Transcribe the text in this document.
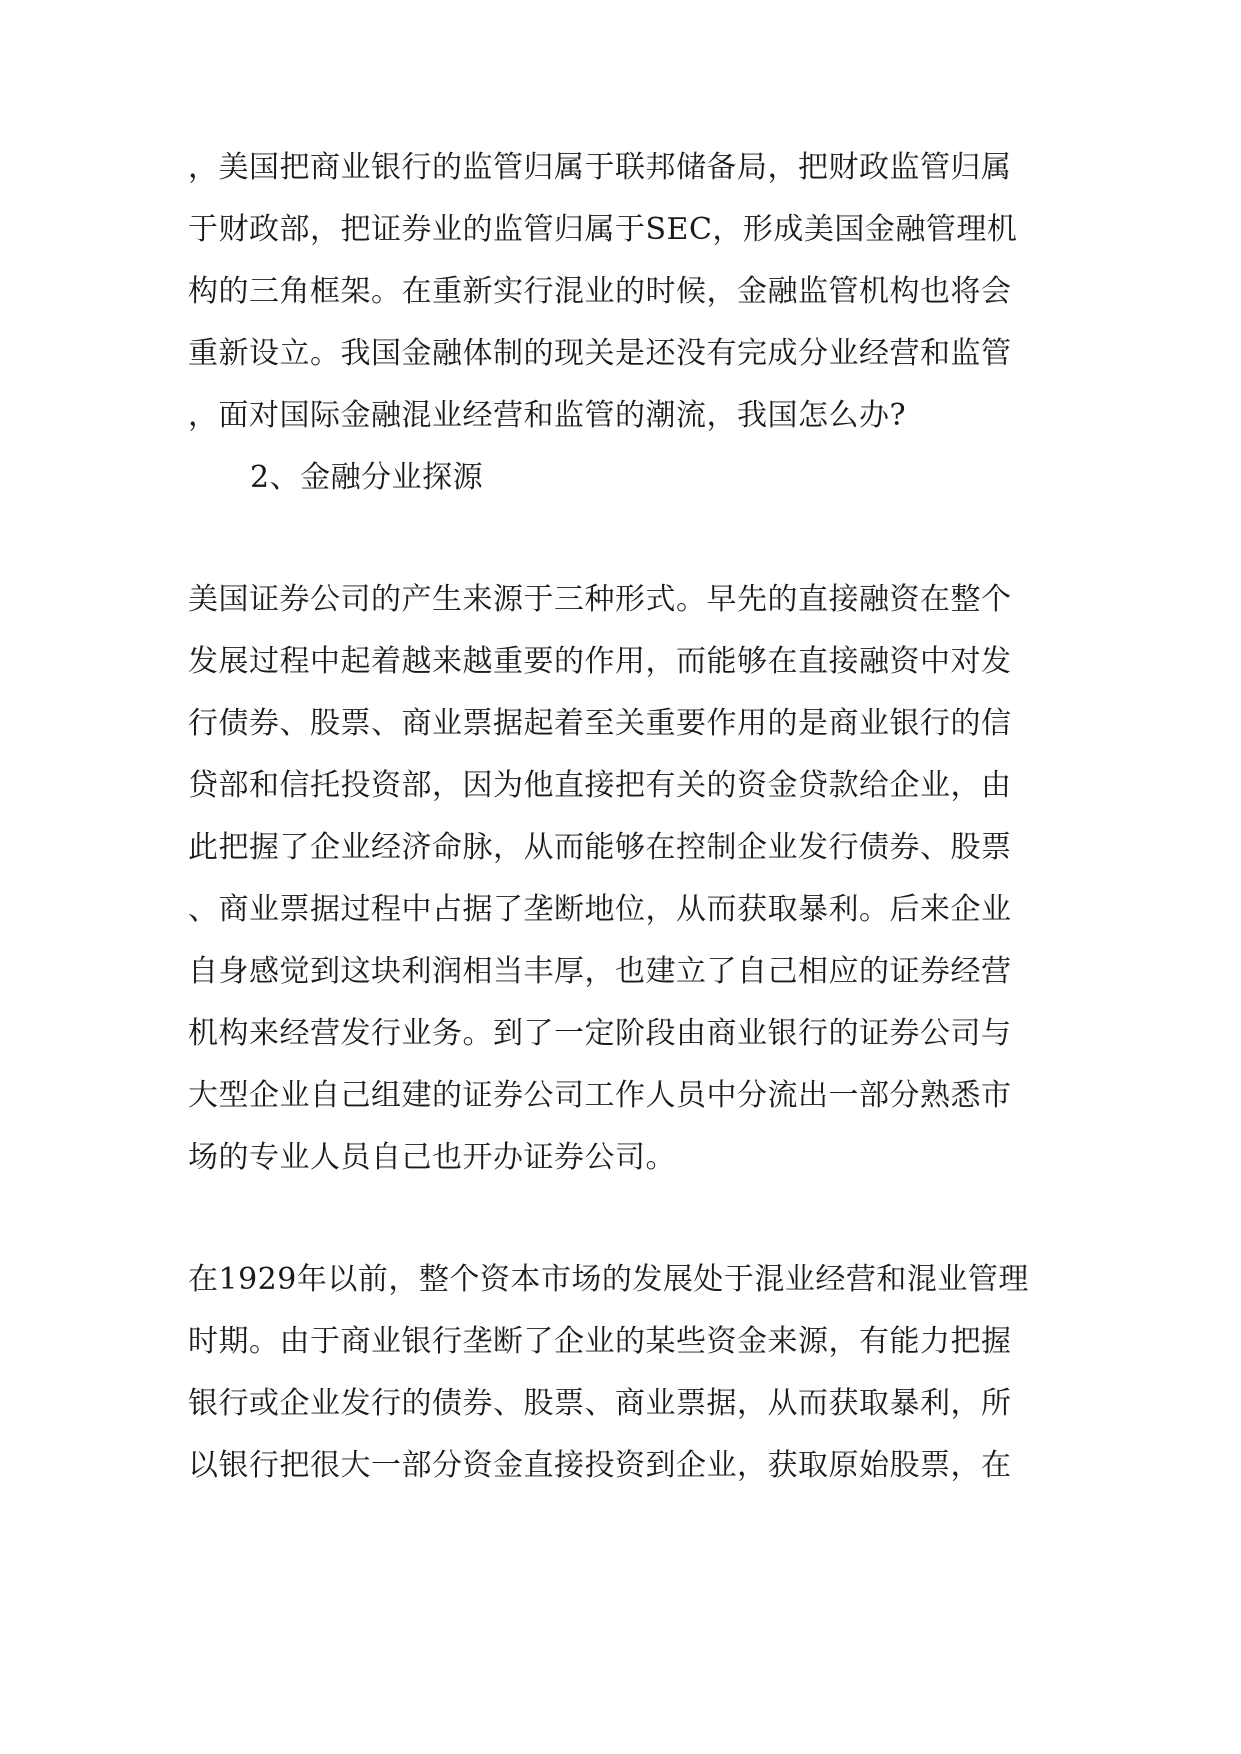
，美国把商业银行的监管归属于联邦储备局，把财政监管归属
于财政部，把证券业的监管归属于SEC，形成美国金融管理机
构的三角框架。在重新实行混业的时候，金融监管机构也将会
重新设立。我国金融体制的现关是还没有完成分业经营和监管
，面对国际金融混业经营和监管的潮流，我国怎么办?
2、金融分业探源
美国证券公司的产生来源于三种形式。早先的直接融资在整个
发展过程中起着越来越重要的作用，而能够在直接融资中对发
行债券、股票、商业票据起着至关重要作用的是商业银行的信
贷部和信托投资部，因为他直接把有关的资金贷款给企业，由
此把握了企业经济命脉，从而能够在控制企业发行债券、股票
、商业票据过程中占据了垄断地位，从而获取暴利。后来企业
自身感觉到这块利润相当丰厚，也建立了自己相应的证券经营
机构来经营发行业务。到了一定阶段由商业银行的证券公司与
大型企业自己组建的证券公司工作人员中分流出一部分熟悉市
场的专业人员自己也开办证券公司。
在1929年以前，整个资本市场的发展处于混业经营和混业管理
时期。由于商业银行垄断了企业的某些资金来源，有能力把握
银行或企业发行的债券、股票、商业票据，从而获取暴利，所
以银行把很大一部分资金直接投资到企业，获取原始股票，在
